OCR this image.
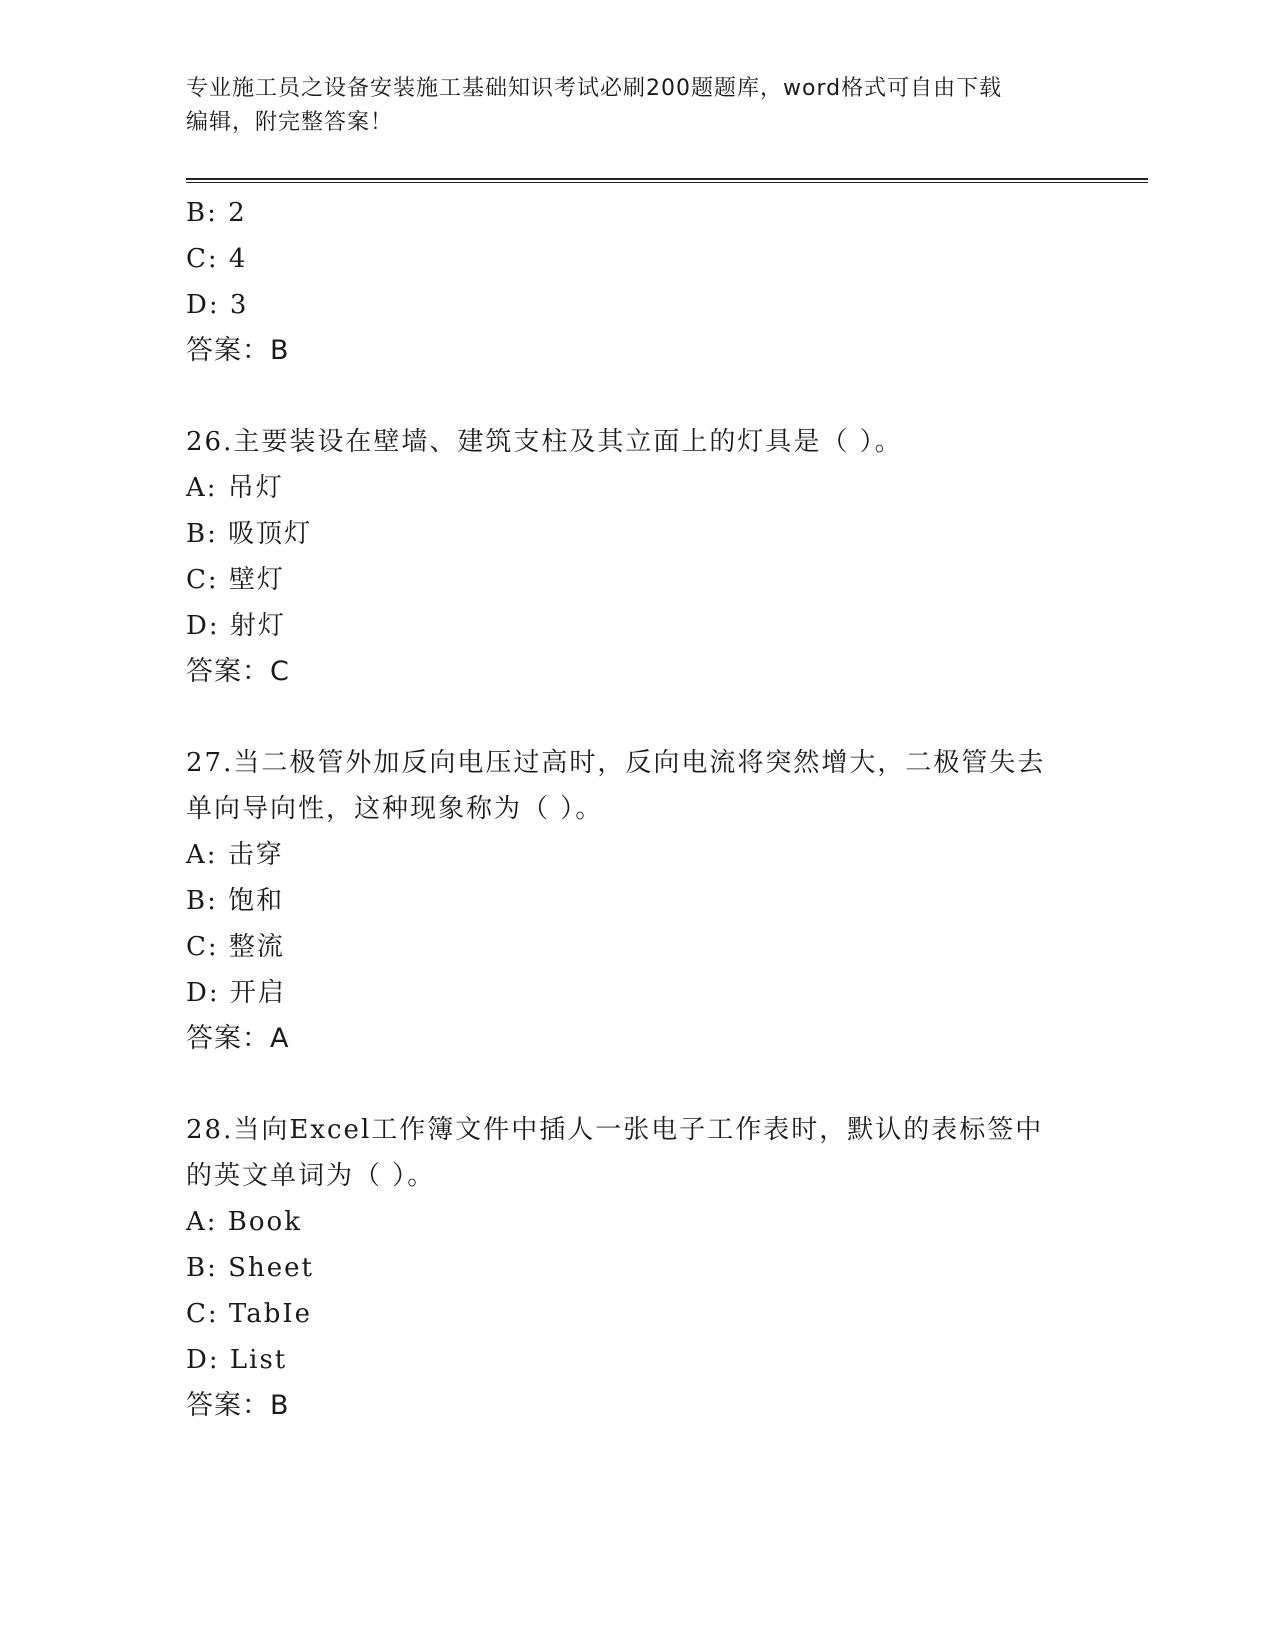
专业施工员之设备安装施工基础知识考试必刷200题题库，word格式可自由下载
编辑，附完整答案！
B: 2
C: 4
D: 3
答案：B
26.主要装设在壁墙、建筑支柱及其立面上的灯具是（ ）。
A: 吊灯
B: 吸顶灯
C: 壁灯
D: 射灯
答案：C
27.当二极管外加反向电压过高时，反向电流将突然增大，二极管失去
单向导向性，这种现象称为（ ）。
A: 击穿
B: 饱和
C: 整流
D: 开启
答案：A
28.当向Excel工作簿文件中插人一张电子工作表时，默认的表标签中
的英文单词为（ ）。
A: Book
B: Sheet
C: TabIe
D: List
答案：B
